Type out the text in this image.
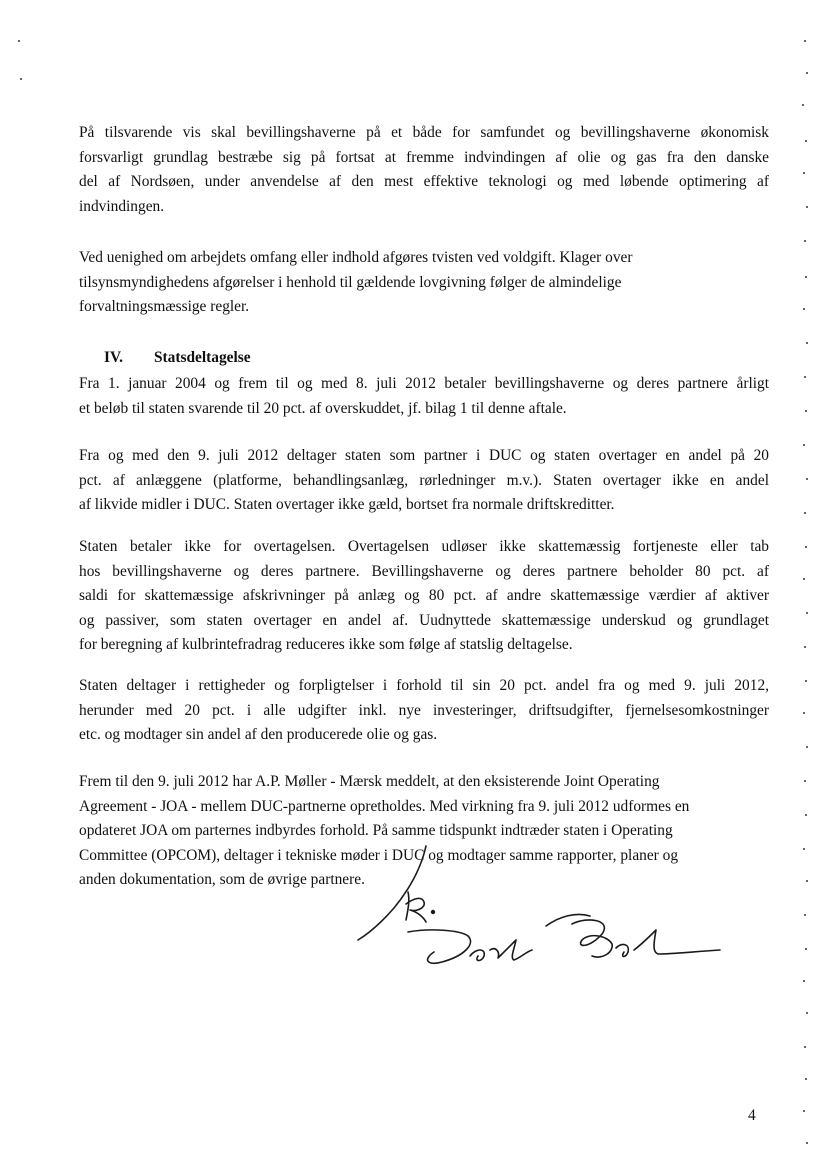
På tilsvarende vis skal bevillingshaverne på et både for samfundet og bevillingshaverne økonomisk
forsvarligt grundlag bestræbe sig på fortsat at fremme indvindingen af olie og gas fra den danske
del af Nordsøen, under anvendelse af den mest effektive teknologi og med løbende optimering af
indvindingen.

Ved uenighed om arbejdets omfang eller indhold afgøres tvisten ved voldgift. Klager over
tilsynsmyndighedens afgørelser i henhold til gældende lovgivning følger de almindelige
forvaltningsmæssige regler.

IV. Statsdeltagelse

Fra 1. januar 2004 og frem til og med 8. juli 2012 betaler bevillingshaverne og deres partnere årligt
et beløb til staten svarende til 20 pct. af overskuddet, jf. bilag 1 til denne aftale.

Fra og med den 9. juli 2012 deltager staten som partner i DUC og staten overtager en andel på 20
pct. af anlæggene (platforme, behandlingsanlæg, rørledninger m.v.). Staten overtager ikke en andel
af likvide midler i DUC. Staten overtager ikke gæld, bortset fra normale driftskreditter.

Staten betaler ikke for overtagelsen. Overtagelsen udløser ikke skattemæssig fortjeneste eller tab
hos bevillingshaverne og deres partnere. Bevillingshaverne og deres partnere beholder 80 pct. af
saldi for skattemæssige afskrivninger på anlæg og 80 pct. af andre skattemæssige værdier af aktiver
og passiver, som staten overtager en andel af. Uudnyttede skattemæssige underskud og grundlaget
for beregning af kulbrintefradrag reduceres ikke som følge af statslig deltagelse.

Staten deltager i rettigheder og forpligtelser i forhold til sin 20 pct. andel fra og med 9. juli 2012,
herunder med 20 pct. i alle udgifter inkl. nye investeringer, driftsudgifter, fjernelsesomkostninger
etc. og modtager sin andel af den producerede olie og gas.

Frem til den 9. juli 2012 har A.P. Møller - Mærsk meddelt, at den eksisterende Joint Operating
Agreement - JOA - mellem DUC-partnerne opretholdes. Med virkning fra 9. juli 2012 udformes en
opdateret JOA om parternes indbyrdes forhold. På samme tidspunkt indtræder staten i Operating
Committee (OPCOM), deltager i tekniske møder i DUC og modtager samme rapporter, planer og
anden dokumentation, som de øvrige partnere.

4
